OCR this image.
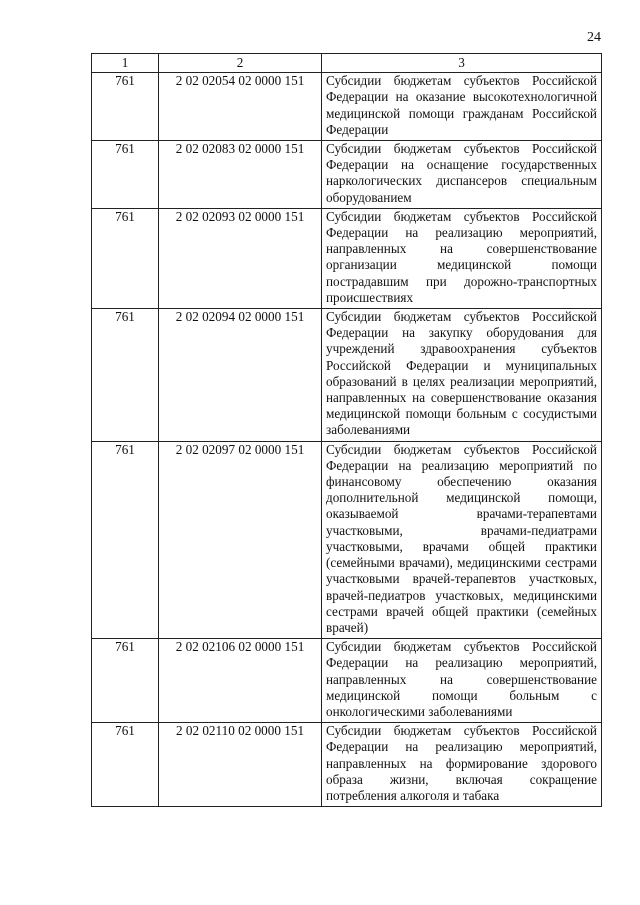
24
1	2	3
761	2 02 02054 02 0000 151	Субсидии бюджетам субъектов Российской Федерации на оказание высокотехнологичной медицинской помощи гражданам Российской Федерации
761	2 02 02083 02 0000 151	Субсидии бюджетам субъектов Российской Федерации на оснащение государственных наркологических диспансеров специальным оборудованием
761	2 02 02093 02 0000 151	Субсидии бюджетам субъектов Российской Федерации на реализацию мероприятий, направленных на совершенствование организации медицинской помощи пострадавшим при дорожно-транспортных происшествиях
761	2 02 02094 02 0000 151	Субсидии бюджетам субъектов Российской Федерации на закупку оборудования для учреждений здравоохранения субъектов Российской Федерации и муниципальных образований в целях реализации мероприятий, направленных на совершенствование оказания медицинской помощи больным с сосудистыми заболеваниями
761	2 02 02097 02 0000 151	Субсидии бюджетам субъектов Российской Федерации на реализацию мероприятий по финансовому обеспечению оказания дополнительной медицинской помощи, оказываемой врачами-терапевтами участковыми, врачами-педиатрами участковыми, врачами общей практики (семейными врачами), медицинскими сестрами участковыми врачей-терапевтов участковых, врачей-педиатров участковых, медицинскими сестрами врачей общей практики (семейных врачей)
761	2 02 02106 02 0000 151	Субсидии бюджетам субъектов Российской Федерации на реализацию мероприятий, направленных на совершенствование медицинской помощи больным с онкологическими заболеваниями
761	2 02 02110 02 0000 151	Субсидии бюджетам субъектов Российской Федерации на реализацию мероприятий, направленных на формирование здорового образа жизни, включая сокращение потребления алкоголя и табака
